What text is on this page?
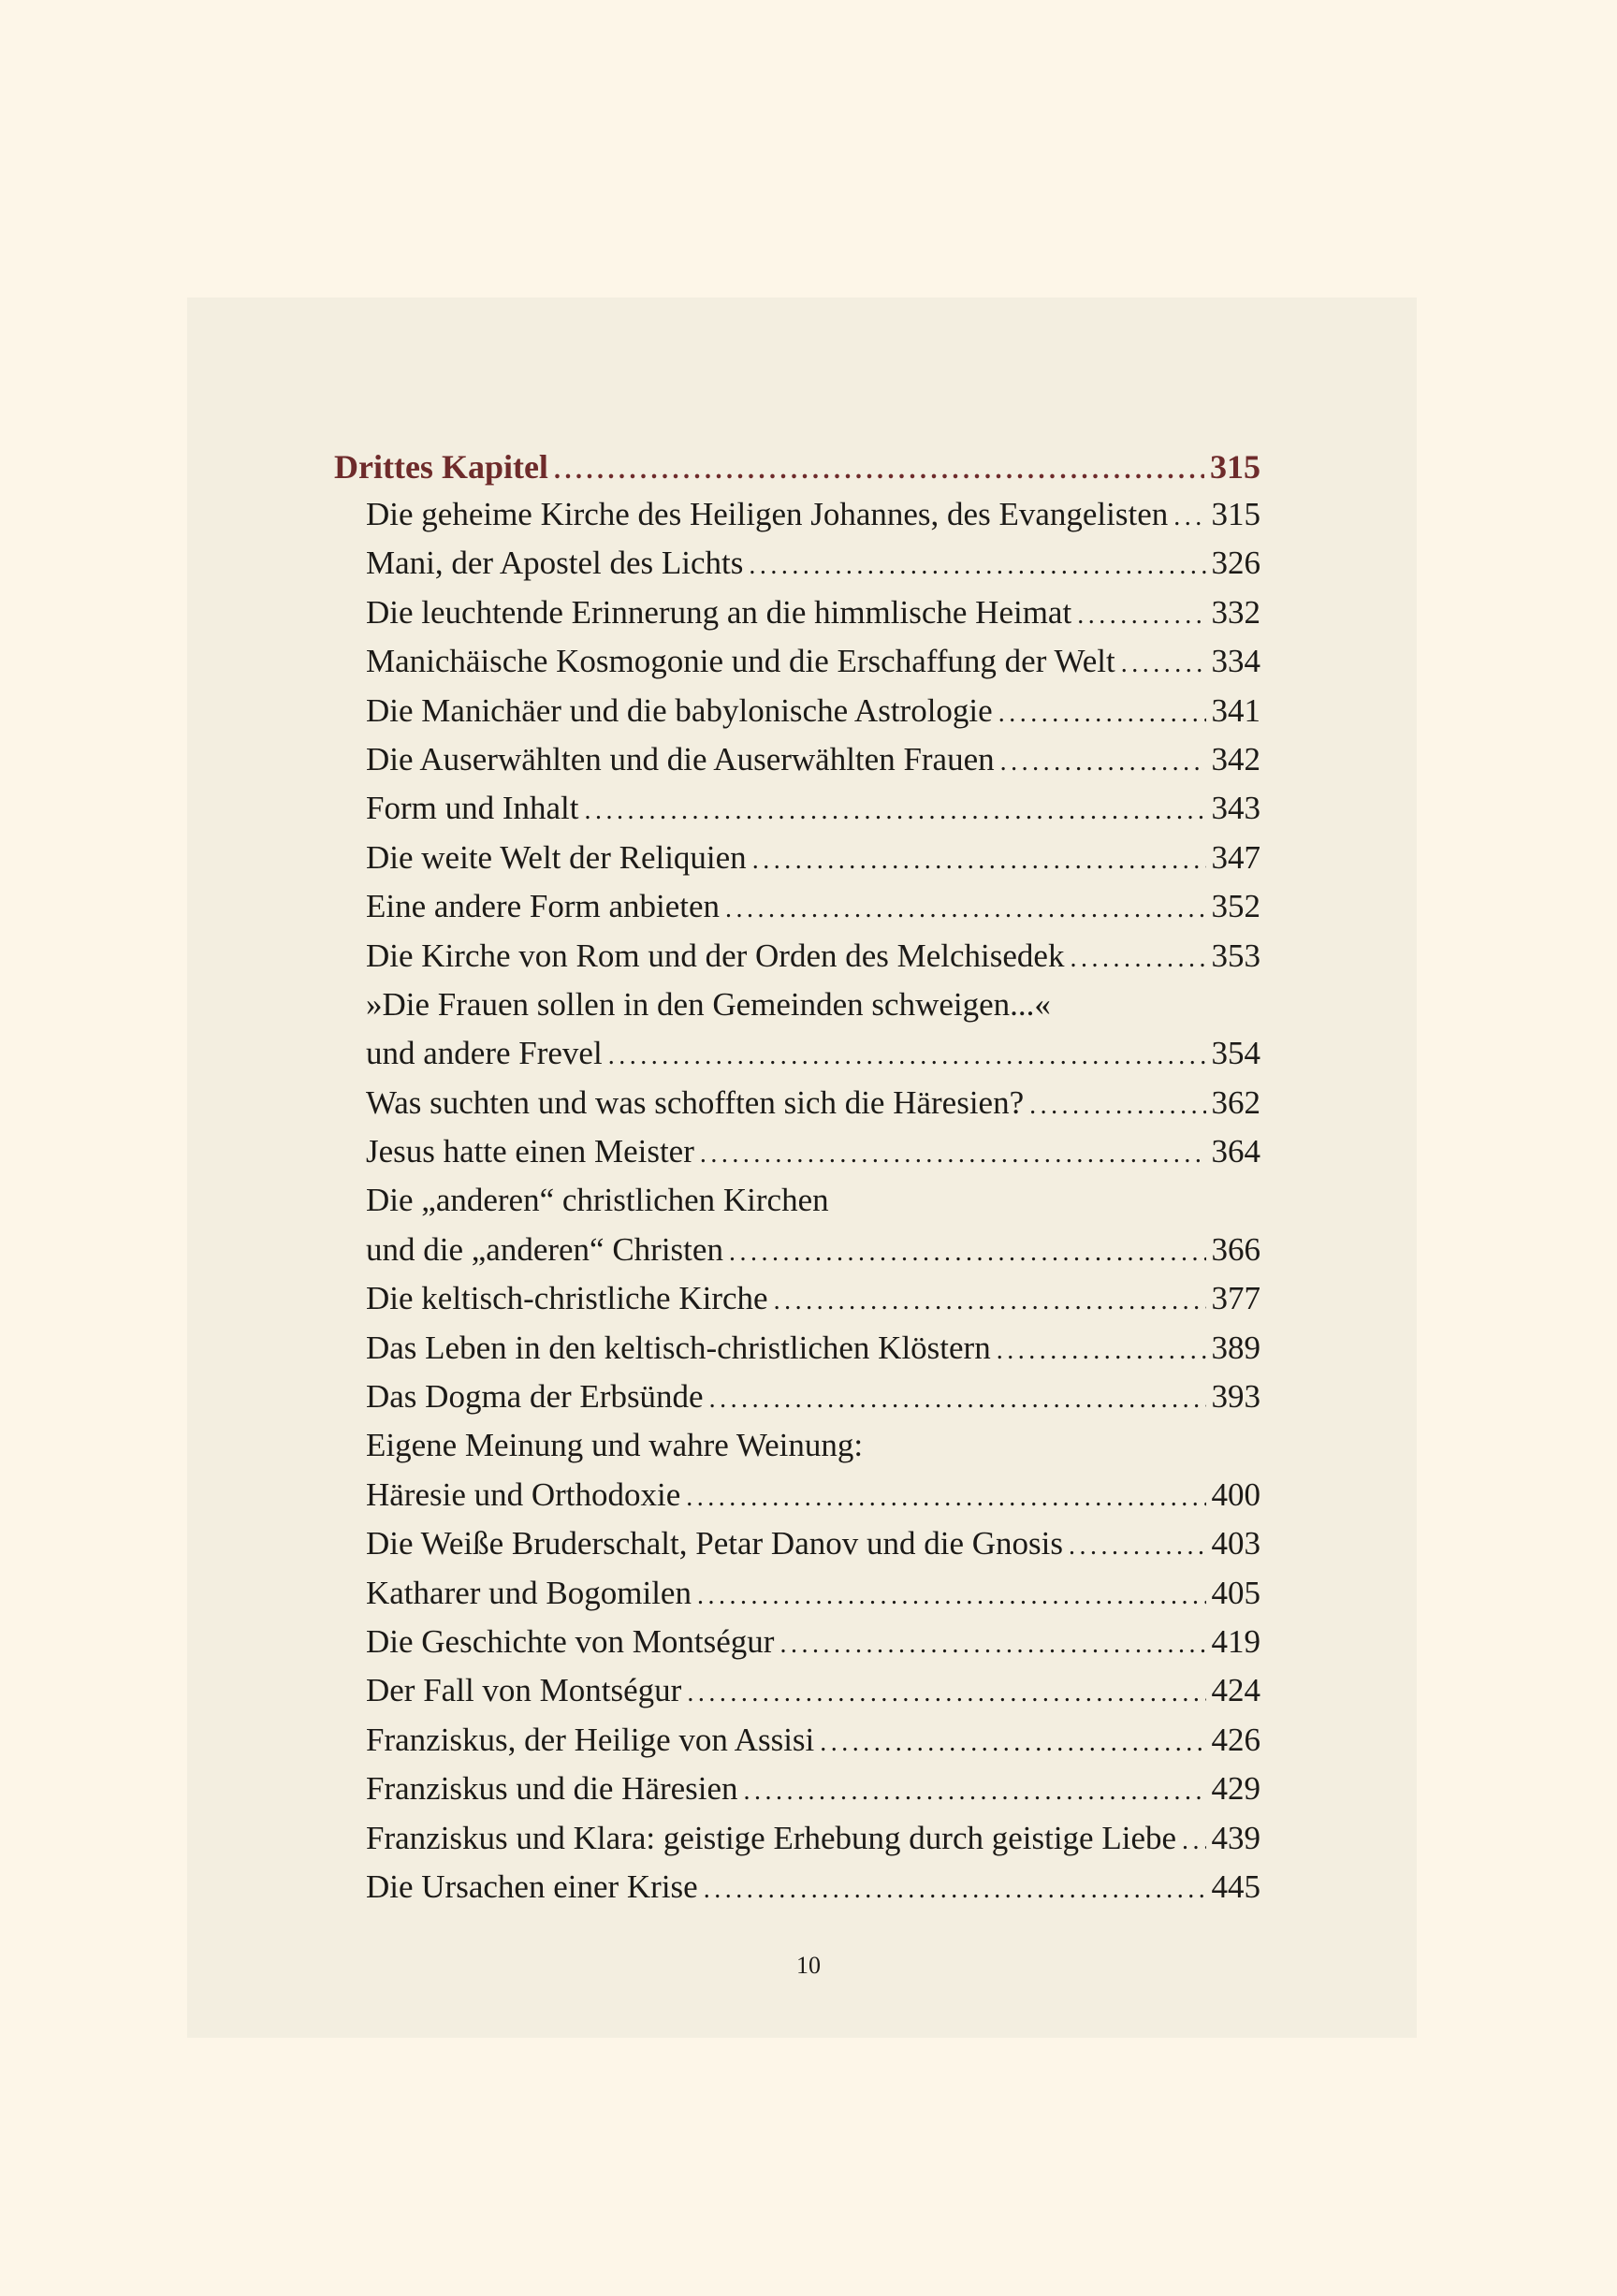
Drittes Kapitel .....	315
Die geheime Kirche des Heiligen Johannes, des Evangelisten ..... 315
Mani, der Apostel des Lichts .....	326
Die leuchtende Erinnerung an die himmlische Heimat .....	332
Manichäische Kosmogonie und die Erschaffung der Welt .....	334
Die Manichäer und die babylonische Astrologie .....	341
Die Auserwählten und die Auserwählten Frauen .....	342
Form und Inhalt .....	343
Die weite Welt der Reliquien .....	347
Eine andere Form anbieten .....	352
Die Kirche von Rom und der Orden des Melchisedek .....	353
»Die Frauen sollen in den Gemeinden schweigen...«
und andere Frevel .....	354
Was suchten und was schofften sich die Häresien? .....	362
Jesus hatte einen Meister .....	364
Die „anderen“ christlichen Kirchen
und die „anderen“ Christen .....	366
Die keltisch-christliche Kirche .....	377
Das Leben in den keltisch-christlichen Klöstern .....	389
Das Dogma der Erbsünde .....	393
Eigene Meinung und wahre Weinung:
Häresie und Orthodoxie .....	400
Die Weiße Bruderschalt, Petar Danov und die Gnosis .....	403
Katharer und Bogomilen .....	405
Die Geschichte von Montségur .....	419
Der Fall von Montségur .....	424
Franziskus, der Heilige von Assisi .....	426
Franziskus und die Häresien .....	429
Franziskus und Klara: geistige Erhebung durch geistige Liebe ..... 439
Die Ursachen einer Krise .....	445
10
